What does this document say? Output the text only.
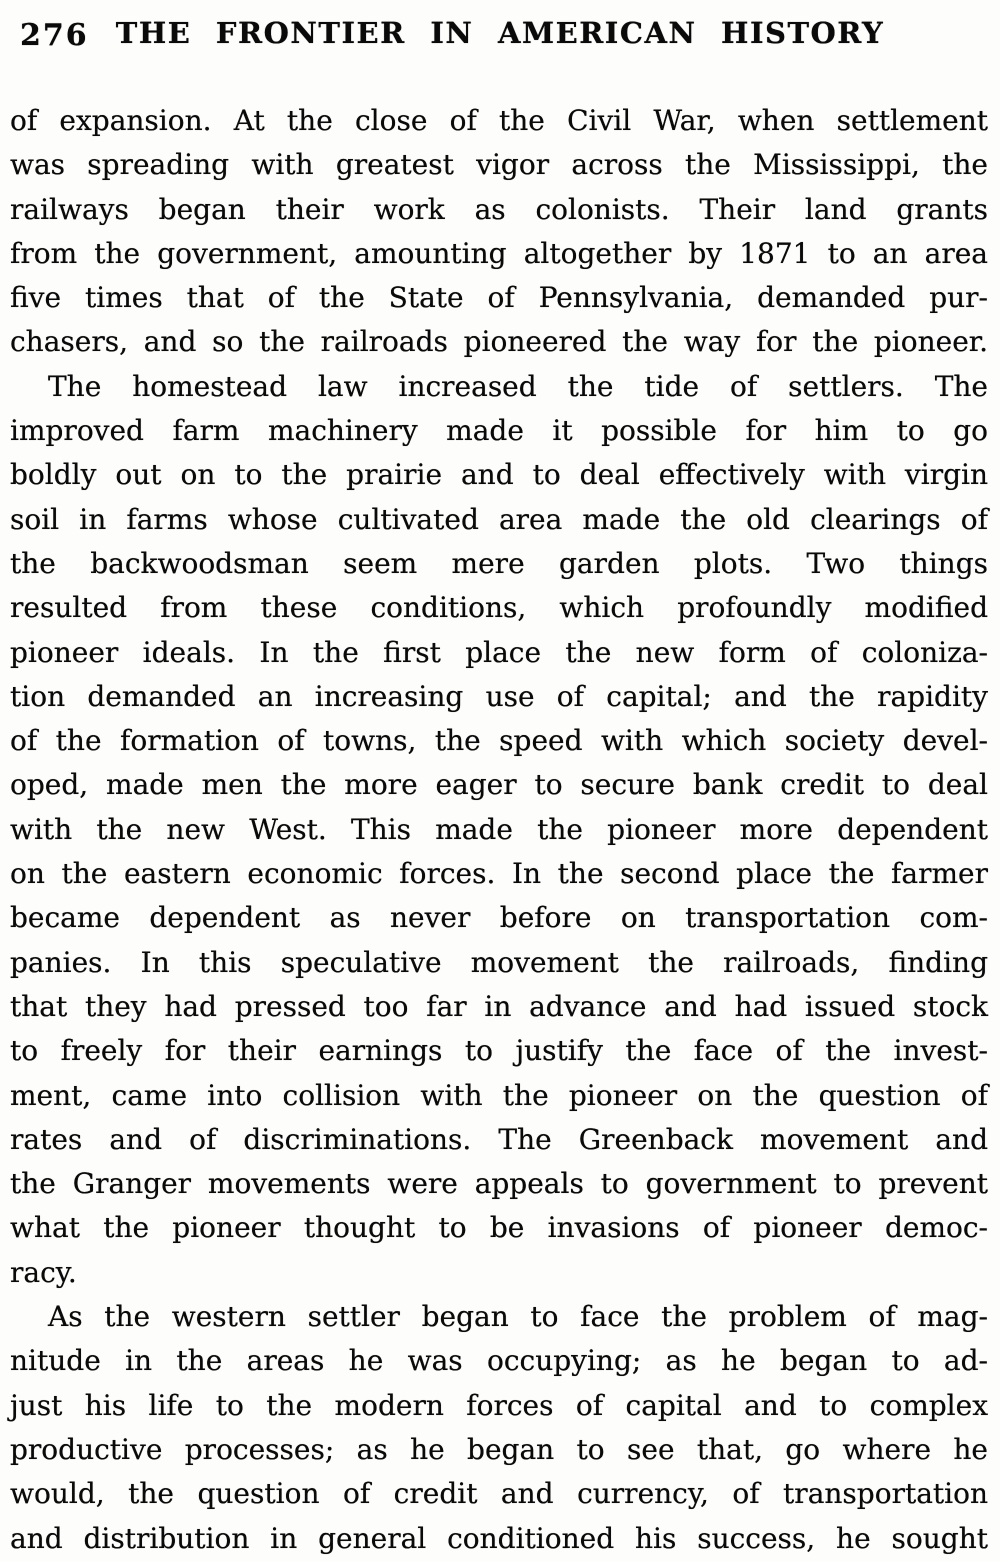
276 THE FRONTIER IN AMERICAN HISTORY
of expansion. At the close of the Civil War, when settlement
was spreading with greatest vigor across the Mississippi, the
railways began their work as colonists. Their land grants
from the government, amounting altogether by 1871 to an area
five times that of the State of Pennsylvania, demanded pur-
chasers, and so the railroads pioneered the way for the pioneer.
The homestead law increased the tide of settlers. The
improved farm machinery made it possible for him to go
boldly out on to the prairie and to deal effectively with virgin
soil in farms whose cultivated area made the old clearings of
the backwoodsman seem mere garden plots. Two things
resulted from these conditions, which profoundly modified
pioneer ideals. In the first place the new form of coloniza-
tion demanded an increasing use of capital; and the rapidity
of the formation of towns, the speed with which society devel-
oped, made men the more eager to secure bank credit to deal
with the new West. This made the pioneer more dependent
on the eastern economic forces. In the second place the farmer
became dependent as never before on transportation com-
panies. In this speculative movement the railroads, finding
that they had pressed too far in advance and had issued stock
to freely for their earnings to justify the face of the invest-
ment, came into collision with the pioneer on the question of
rates and of discriminations. The Greenback movement and
the Granger movements were appeals to government to prevent
what the pioneer thought to be invasions of pioneer democ-
racy.
As the western settler began to face the problem of mag-
nitude in the areas he was occupying; as he began to ad-
just his life to the modern forces of capital and to complex
productive processes; as he began to see that, go where he
would, the question of credit and currency, of transportation
and distribution in general conditioned his success, he sought
